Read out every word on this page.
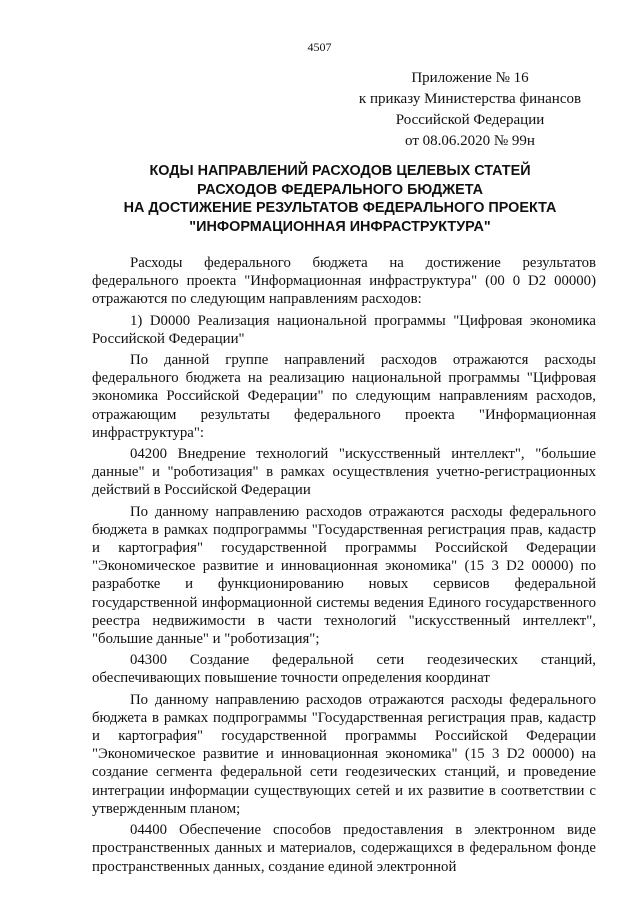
4507
Приложение № 16
к приказу Министерства финансов
Российской Федерации
от 08.06.2020 № 99н
КОДЫ НАПРАВЛЕНИЙ РАСХОДОВ ЦЕЛЕВЫХ СТАТЕЙ
РАСХОДОВ ФЕДЕРАЛЬНОГО БЮДЖЕТА
НА ДОСТИЖЕНИЕ РЕЗУЛЬТАТОВ ФЕДЕРАЛЬНОГО ПРОЕКТА
"ИНФОРМАЦИОННАЯ ИНФРАСТРУКТУРА"

Расходы федерального бюджета на достижение результатов федерального проекта "Информационная инфраструктура" (00 0 D2 00000) отражаются по следующим направлениям расходов:

1) D0000 Реализация национальной программы "Цифровая экономика Российской Федерации"

По данной группе направлений расходов отражаются расходы федерального бюджета на реализацию национальной программы "Цифровая экономика Российской Федерации" по следующим направлениям расходов, отражающим результаты федерального проекта "Информационная инфраструктура":

04200 Внедрение технологий "искусственный интеллект", "большие данные" и "роботизация" в рамках осуществления учетно-регистрационных действий в Российской Федерации

По данному направлению расходов отражаются расходы федерального бюджета в рамках подпрограммы "Государственная регистрация прав, кадастр и картография" государственной программы Российской Федерации "Экономическое развитие и инновационная экономика" (15 3 D2 00000) по разработке и функционированию новых сервисов федеральной государственной информационной системы ведения Единого государственного реестра недвижимости в части технологий "искусственный интеллект", "большие данные" и "роботизация";

04300 Создание федеральной сети геодезических станций, обеспечивающих повышение точности определения координат

По данному направлению расходов отражаются расходы федерального бюджета в рамках подпрограммы "Государственная регистрация прав, кадастр и картография" государственной программы Российской Федерации "Экономическое развитие и инновационная экономика" (15 3 D2 00000) на создание сегмента федеральной сети геодезических станций, и проведение интеграции информации существующих сетей и их развитие в соответствии с утвержденным планом;

04400 Обеспечение способов предоставления в электронном виде пространственных данных и материалов, содержащихся в федеральном фонде пространственных данных, создание единой электронной
